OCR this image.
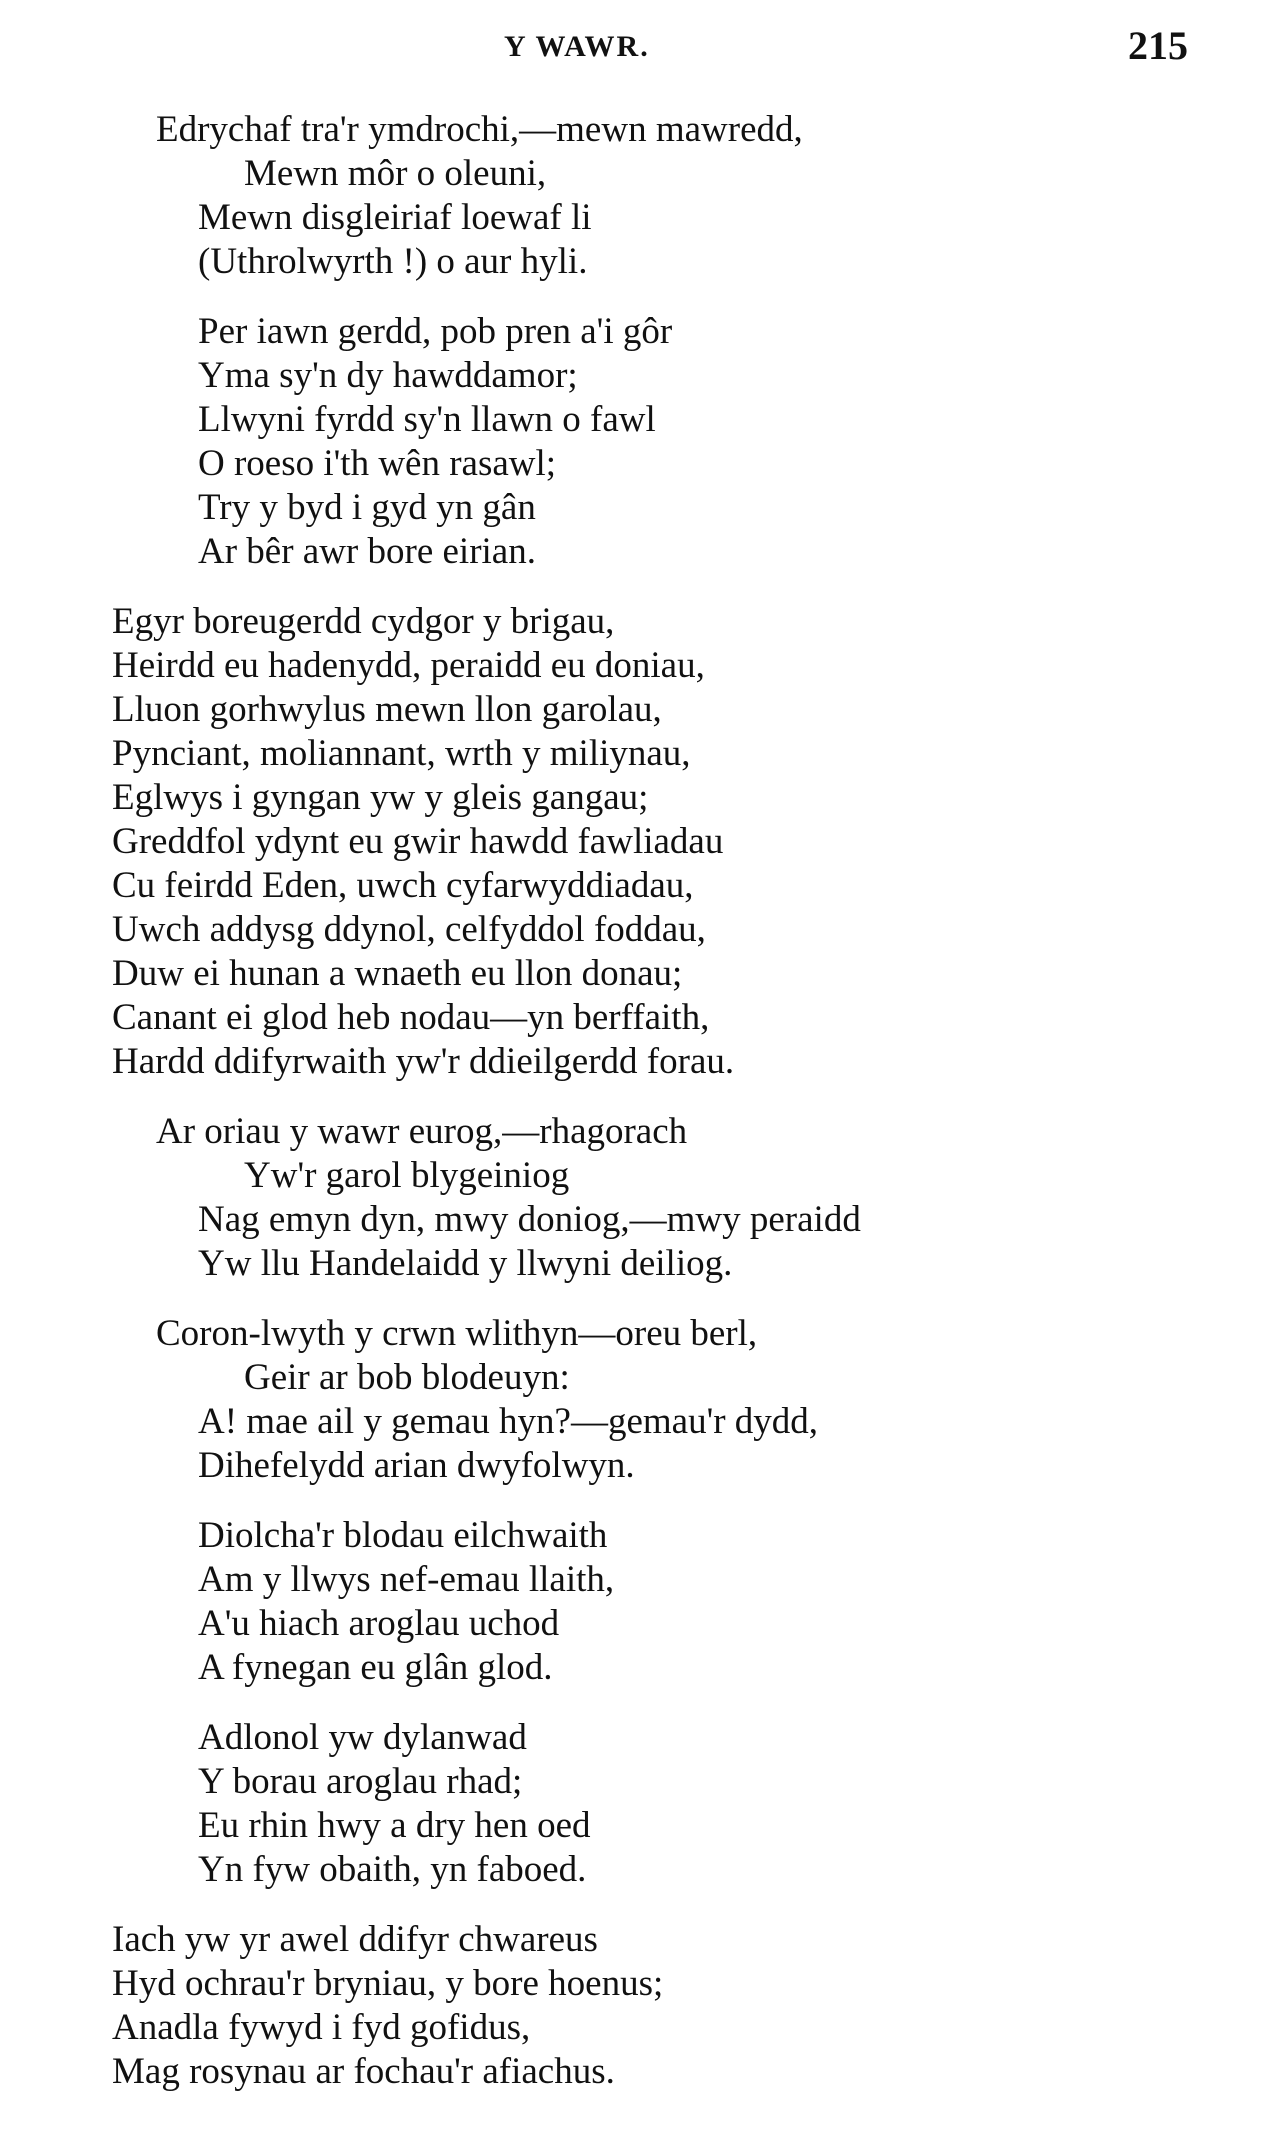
Y WAWR.	215
Edrychaf tra'r ymdrochi,—mewn mawredd,
Mewn môr o oleuni,
Mewn disgleiriaf loewaf li
(Uthrolwyrth !) o aur hyli.
Per iawn gerdd, pob pren a'i gôr
Yma sy'n dy hawddamor;
Llwyni fyrdd sy'n llawn o fawl
O roeso i'th wên rasawl;
Try y byd i gyd yn gân
Ar bêr awr bore eirian.
Egyr boreugerdd cydgor y brigau,
Heirdd eu hadenydd, peraidd eu doniau,
Lluon gorhwylus mewn llon garolau,
Pynciant, moliannant, wrth y miliynau,
Eglwys i gyngan yw y gleis gangau;
Greddfol ydynt eu gwir hawdd fawliadau
Cu feirdd Eden, uwch cyfarwyddiadau,
Uwch addysg ddynol, celfyddol foddau,
Duw ei hunan a wnaeth eu llon donau;
Canant ei glod heb nodau—yn berffaith,
Hardd ddifyrwaith yw'r ddieilgerdd forau.
Ar oriau y wawr eurog,—rhagorach
Yw'r garol blygeiniog
Nag emyn dyn, mwy doniog,—mwy peraidd
Yw llu Handelaidd y llwyni deiliog.
Coron-lwyth y crwn wlithyn—oreu berl,
Geir ar bob blodeuyn:
A! mae ail y gemau hyn?—gemau'r dydd,
Dihefelydd arian dwyfolwyn.
Diolcha'r blodau eilchwaith
Am y llwys nef-emau llaith,
A'u hiach aroglau uchod
A fynegan eu glân glod.
Adlonol yw dylanwad
Y borau aroglau rhad;
Eu rhin hwy a dry hen oed
Yn fyw obaith, yn faboed.
Iach yw yr awel ddifyr chwareus
Hyd ochrau'r bryniau, y bore hoenus;
Anadla fywyd i fyd gofidus,
Mag rosynau ar fochau'r afiachus.
